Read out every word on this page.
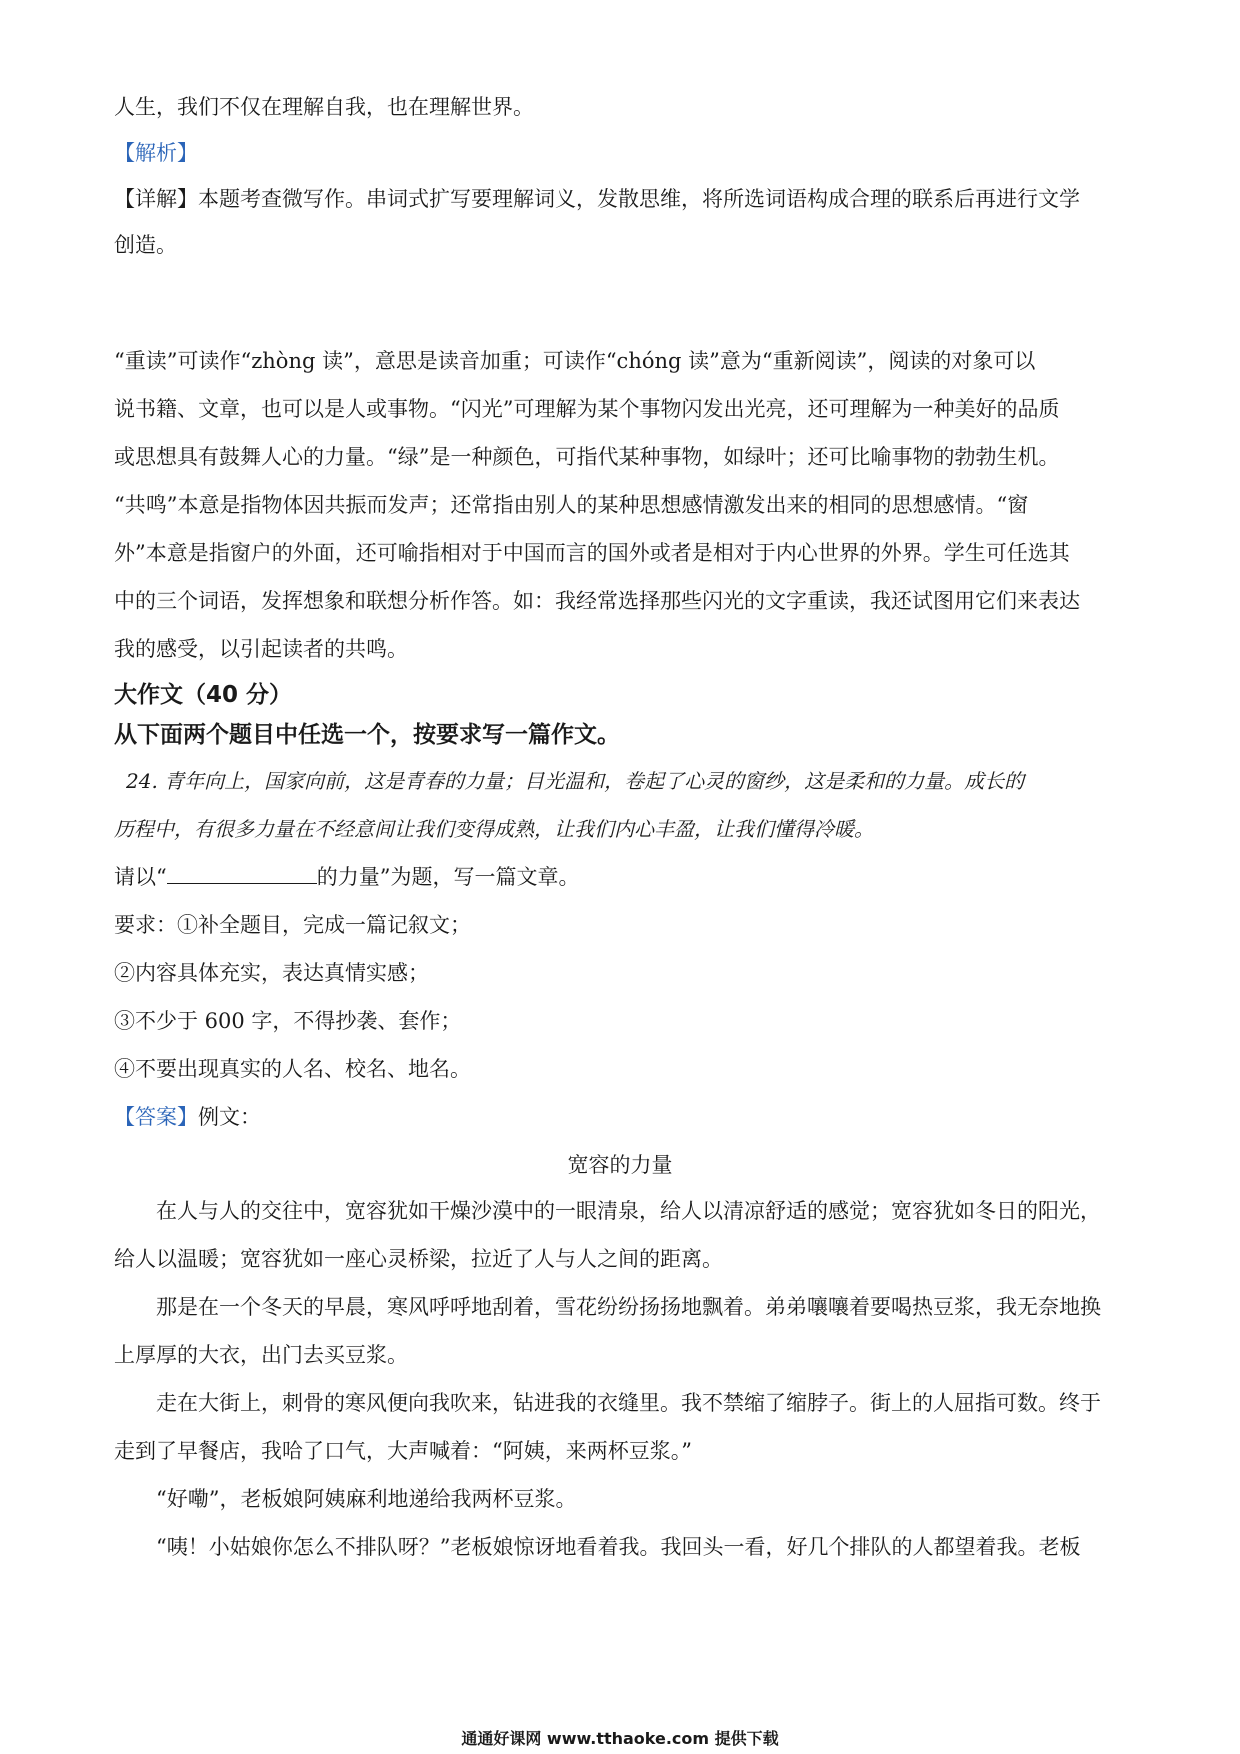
人生，我们不仅在理解自我，也在理解世界。
【解析】
【详解】本题考查微写作。串词式扩写要理解词义，发散思维，将所选词语构成合理的联系后再进行文学
创造。
“重读”可读作“zhòng 读”，意思是读音加重；可读作“chóng 读”意为“重新阅读”，阅读的对象可以
说书籍、文章，也可以是人或事物。“闪光”可理解为某个事物闪发出光亮，还可理解为一种美好的品质
或思想具有鼓舞人心的力量。“绿”是一种颜色，可指代某种事物，如绿叶；还可比喻事物的勃勃生机。
“共鸣”本意是指物体因共振而发声；还常指由别人的某种思想感情激发出来的相同的思想感情。“窗
外”本意是指窗户的外面，还可喻指相对于中国而言的国外或者是相对于内心世界的外界。学生可任选其
中的三个词语，发挥想象和联想分析作答。如：我经常选择那些闪光的文字重读，我还试图用它们来表达
我的感受，以引起读者的共鸣。
大作文（40 分）
从下面两个题目中任选一个，按要求写一篇作文。
24. 青年向上，国家向前，这是青春的力量；目光温和，卷起了心灵的窗纱，这是柔和的力量。成长的
历程中，有很多力量在不经意间让我们变得成熟，让我们内心丰盈，让我们懂得冷暖。
请以“	的力量”为题，写一篇文章。
要求：①补全题目，完成一篇记叙文；
②内容具体充实，表达真情实感；
③不少于 600 字，不得抄袭、套作；
④不要出现真实的人名、校名、地名。
【答案】例文：
宽容的力量
在人与人的交往中，宽容犹如干燥沙漠中的一眼清泉，给人以清凉舒适的感觉；宽容犹如冬日的阳光，
给人以温暖；宽容犹如一座心灵桥梁，拉近了人与人之间的距离。
那是在一个冬天的早晨，寒风呼呼地刮着，雪花纷纷扬扬地飘着。弟弟嚷嚷着要喝热豆浆，我无奈地换
上厚厚的大衣，出门去买豆浆。
走在大街上，刺骨的寒风便向我吹来，钻进我的衣缝里。我不禁缩了缩脖子。街上的人屈指可数。终于
走到了早餐店，我哈了口气，大声喊着：“阿姨，来两杯豆浆。”
“好嘞”，老板娘阿姨麻利地递给我两杯豆浆。
“咦！小姑娘你怎么不排队呀？”老板娘惊讶地看着我。我回头一看，好几个排队的人都望着我。老板
通通好课网 www.tthaoke.com 提供下载
